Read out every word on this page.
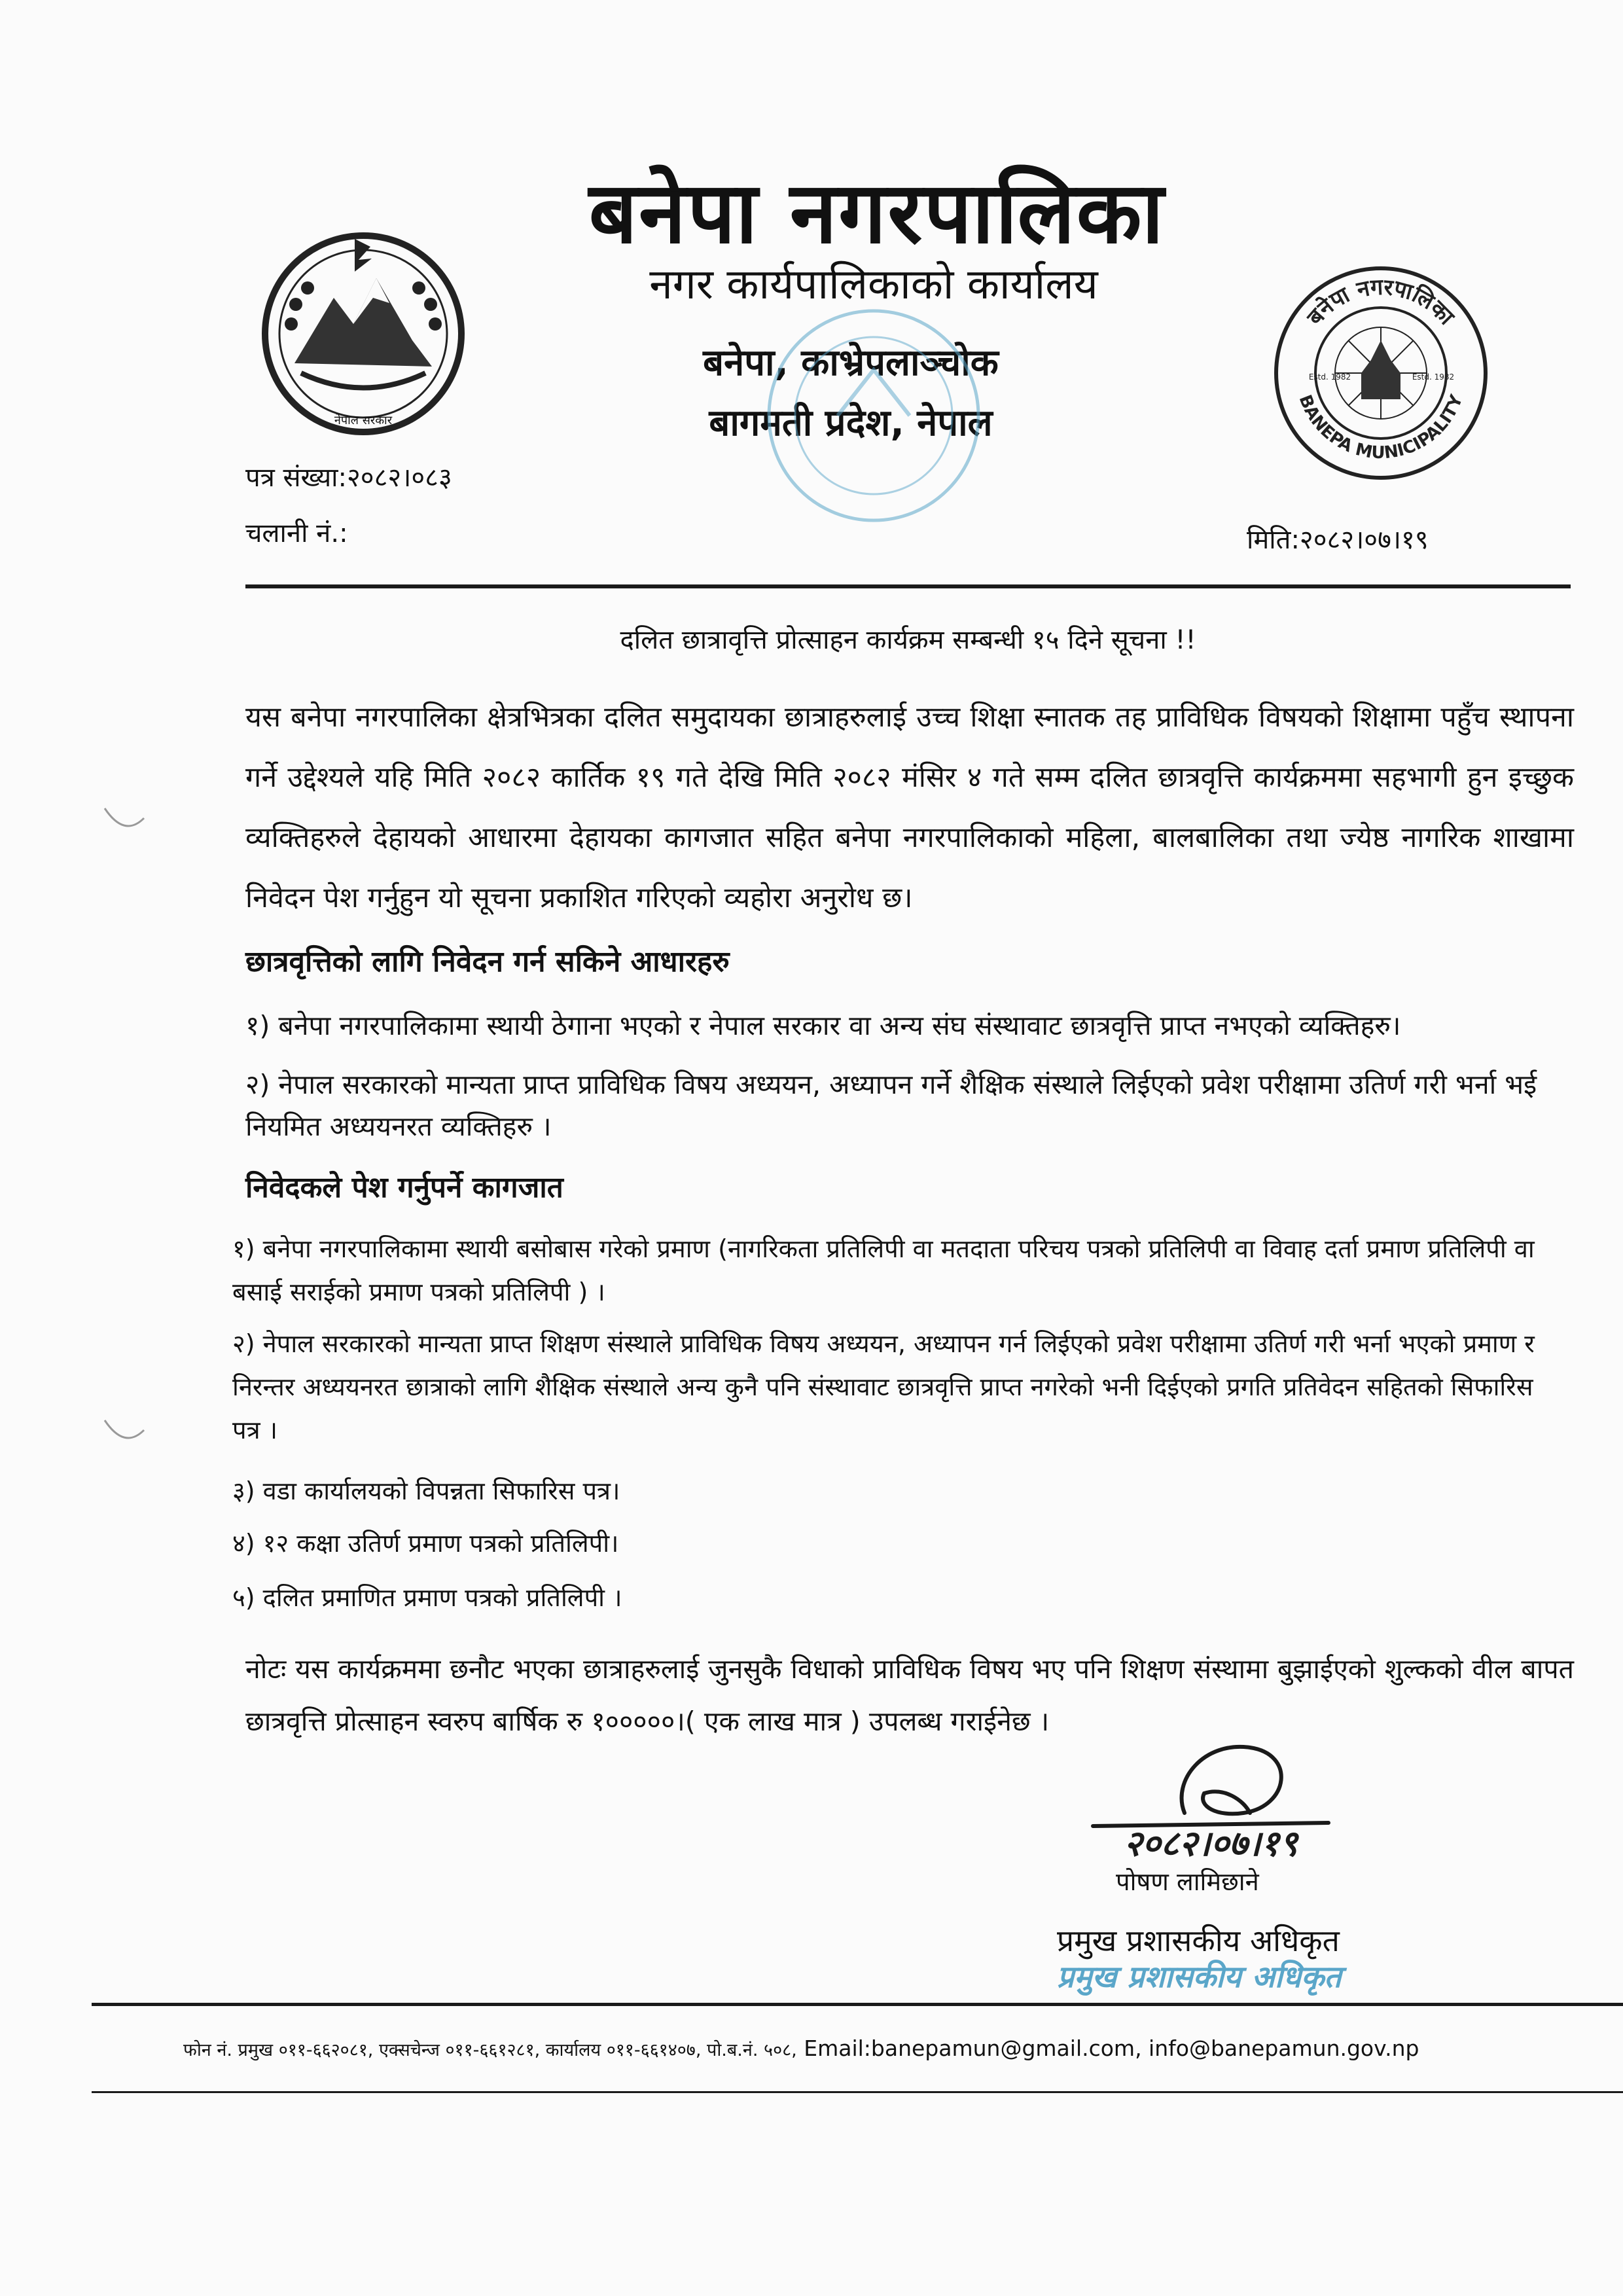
नेपाल सरकार
बनेपा नगरपालिका
BANEPA MUNICIPALITY
Estd. 1982	Estd. 1982
बनेपा नगरपालिका
नगर कार्यपालिकाको कार्यालय
बनेपा, काभ्रेपलाञ्चोक
बागमती प्रदेश, नेपाल
पत्र संख्या:२०८२।०८३
चलानी नं.:	मिति:२०८२।०७।१९
दलित छात्रावृत्ति प्रोत्साहन कार्यक्रम सम्बन्धी १५ दिने सूचना !!
यस बनेपा नगरपालिका क्षेत्रभित्रका दलित समुदायका छात्राहरुलाई उच्च शिक्षा स्नातक तह प्राविधिक विषयको शिक्षामा पहुँच स्थापना गर्ने उद्देश्यले यहि मिति २०८२ कार्तिक १९ गते देखि मिति २०८२ मंसिर ४ गते सम्म दलित छात्रवृत्ति कार्यक्रममा सहभागी हुन इच्छुक व्यक्तिहरुले देहायको आधारमा देहायका कागजात सहित बनेपा नगरपालिकाको महिला, बालबालिका तथा ज्येष्ठ नागरिक शाखामा निवेदन पेश गर्नुहुन यो सूचना प्रकाशित गरिएको व्यहोरा अनुरोध छ।
छात्रवृत्तिको लागि निवेदन गर्न सकिने आधारहरु
१) बनेपा नगरपालिकामा स्थायी ठेगाना भएको र नेपाल सरकार वा अन्य संघ संस्थावाट छात्रवृत्ति प्राप्त नभएको व्यक्तिहरु।
२) नेपाल सरकारको मान्यता प्राप्त प्राविधिक विषय अध्ययन, अध्यापन गर्ने शैक्षिक संस्थाले लिईएको प्रवेश परीक्षामा उतिर्ण गरी भर्ना भई नियमित अध्ययनरत व्यक्तिहरु ।
निवेदकले पेश गर्नुपर्ने कागजात
१) बनेपा नगरपालिकामा स्थायी बसोबास गरेको प्रमाण (नागरिकता प्रतिलिपी वा मतदाता परिचय पत्रको प्रतिलिपी वा विवाह दर्ता प्रमाण प्रतिलिपी वा बसाई सराईको प्रमाण पत्रको प्रतिलिपी ) ।
२) नेपाल सरकारको मान्यता प्राप्त शिक्षण संस्थाले प्राविधिक विषय अध्ययन, अध्यापन गर्न लिईएको प्रवेश परीक्षामा उतिर्ण गरी भर्ना भएको प्रमाण र निरन्तर अध्ययनरत छात्राको लागि शैक्षिक संस्थाले अन्य कुनै पनि संस्थावाट छात्रवृत्ति प्राप्त नगरेको भनी दिईएको प्रगति प्रतिवेदन सहितको सिफारिस पत्र ।
३) वडा कार्यालयको विपन्नता सिफारिस पत्र।
४) १२ कक्षा उतिर्ण प्रमाण पत्रको प्रतिलिपी।
५) दलित प्रमाणित प्रमाण पत्रको प्रतिलिपी ।
नोटः यस कार्यक्रममा छनौट भएका छात्राहरुलाई जुनसुकै विधाको प्राविधिक विषय भए पनि शिक्षण संस्थामा बुझाईएको शुल्कको वील बापत छात्रवृत्ति प्रोत्साहन स्वरुप बार्षिक रु १०००००।( एक लाख मात्र ) उपलब्ध गराईनेछ ।
२०८२।०७।१९
पोषण लामिछाने
प्रमुख प्रशासकीय अधिकृत
प्रमुख प्रशासकीय अधिकृत
फोन नं. प्रमुख ०११-६६२०८१, एक्सचेन्ज ०११-६६१२८१, कार्यालय ०११-६६१४०७, पो.ब.नं. ५०८, Email:banepamun@gmail.com, info@banepamun.gov.np
